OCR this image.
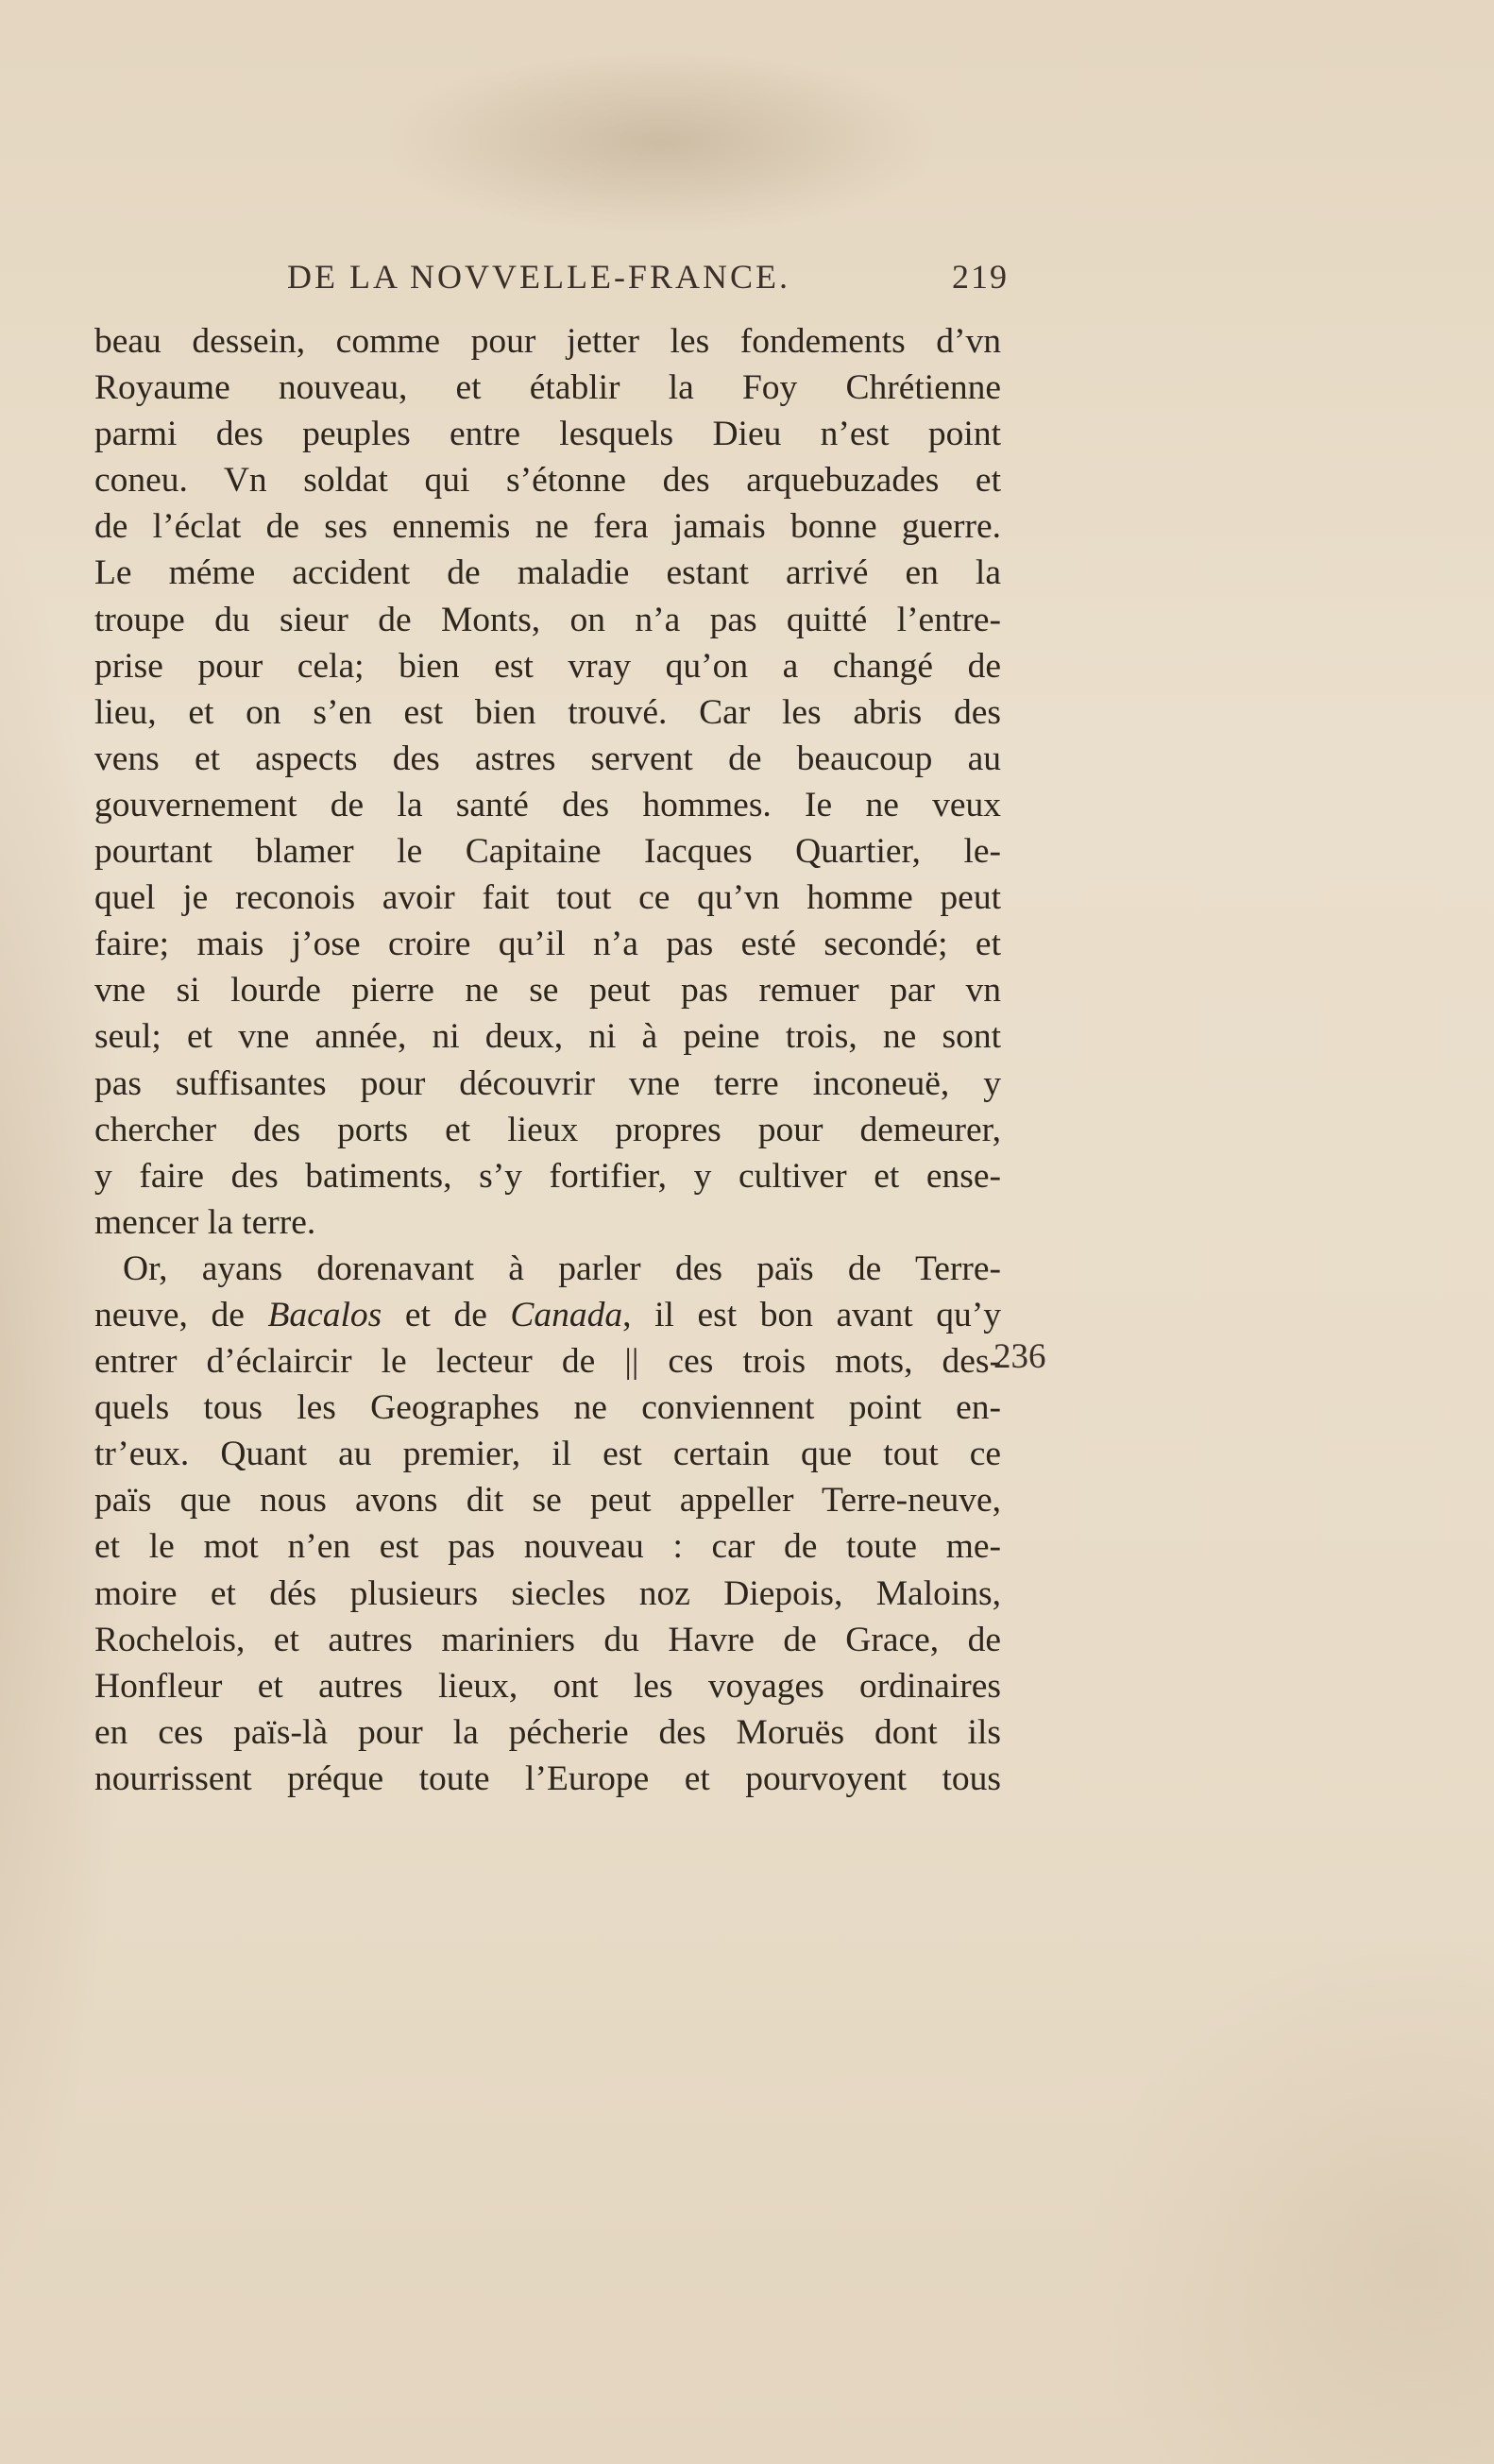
DE LA NOVVELLE-FRANCE.	219
beau dessein, comme pour jetter les fondements d’vn
Royaume nouveau, et établir la Foy Chrétienne
parmi des peuples entre lesquels Dieu n’est point
coneu. Vn soldat qui s’étonne des arquebuzades et
de l’éclat de ses ennemis ne fera jamais bonne guerre.
Le méme accident de maladie estant arrivé en la
troupe du sieur de Monts, on n’a pas quitté l’entre-
prise pour cela; bien est vray qu’on a changé de
lieu, et on s’en est bien trouvé. Car les abris des
vens et aspects des astres servent de beaucoup au
gouvernement de la santé des hommes. Ie ne veux
pourtant blamer le Capitaine Iacques Quartier, le-
quel je reconois avoir fait tout ce qu’vn homme peut
faire; mais j’ose croire qu’il n’a pas esté secondé; et
vne si lourde pierre ne se peut pas remuer par vn
seul; et vne année, ni deux, ni à peine trois, ne sont
pas suffisantes pour découvrir vne terre inconeuë, y
chercher des ports et lieux propres pour demeurer,
y faire des batiments, s’y fortifier, y cultiver et ense-
mencer la terre.
Or, ayans dorenavant à parler des païs de Terre-
neuve, de Bacalos et de Canada, il est bon avant qu’y
entrer d’éclaircir le lecteur de || ces trois mots, des-
quels tous les Geographes ne conviennent point en-
tr’eux. Quant au premier, il est certain que tout ce
païs que nous avons dit se peut appeller Terre-neuve,
et le mot n’en est pas nouveau : car de toute me-
moire et dés plusieurs siecles noz Diepois, Maloins,
Rochelois, et autres mariniers du Havre de Grace, de
Honfleur et autres lieux, ont les voyages ordinaires
en ces païs-là pour la pécherie des Moruës dont ils
nourrissent préque toute l’Europe et pourvoyent tous
236
